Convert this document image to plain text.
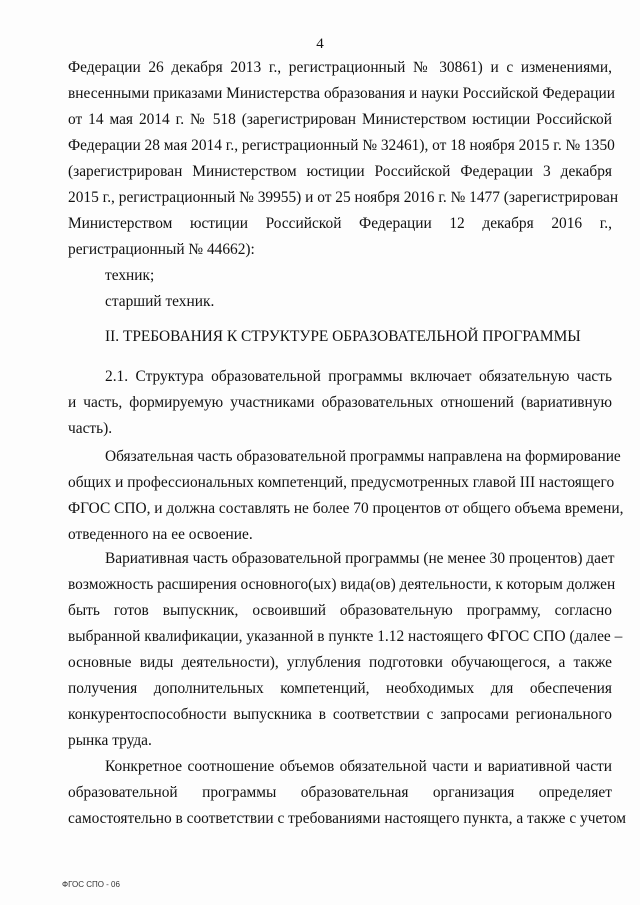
4
Федерации 26 декабря 2013 г., регистрационный № 30861) и с изменениями,
внесенными приказами Министерства образования и науки Российской Федерации
от 14 мая 2014 г. № 518 (зарегистрирован Министерством юстиции Российской
Федерации 28 мая 2014 г., регистрационный № 32461), от 18 ноября 2015 г. № 1350
(зарегистрирован Министерством юстиции Российской Федерации 3 декабря
2015 г., регистрационный № 39955) и от 25 ноября 2016 г. № 1477 (зарегистрирован
Министерством юстиции Российской Федерации 12 декабря 2016 г.,
регистрационный № 44662):
техник;
старший техник.
II. ТРЕБОВАНИЯ К СТРУКТУРЕ ОБРАЗОВАТЕЛЬНОЙ ПРОГРАММЫ
2.1. Структура образовательной программы включает обязательную часть
и часть, формируемую участниками образовательных отношений (вариативную
часть).
Обязательная часть образовательной программы направлена на формирование
общих и профессиональных компетенций, предусмотренных главой III настоящего
ФГОС СПО, и должна составлять не более 70 процентов от общего объема времени,
отведенного на ее освоение.
Вариативная часть образовательной программы (не менее 30 процентов) дает
возможность расширения основного(ых) вида(ов) деятельности, к которым должен
быть готов выпускник, освоивший образовательную программу, согласно
выбранной квалификации, указанной в пункте 1.12 настоящего ФГОС СПО (далее –
основные виды деятельности), углубления подготовки обучающегося, а также
получения дополнительных компетенций, необходимых для обеспечения
конкурентоспособности выпускника в соответствии с запросами регионального
рынка труда.
Конкретное соотношение объемов обязательной части и вариативной части
образовательной программы образовательная организация определяет
самостоятельно в соответствии с требованиями настоящего пункта, а также с учетом
ФГОС СПО - 06
